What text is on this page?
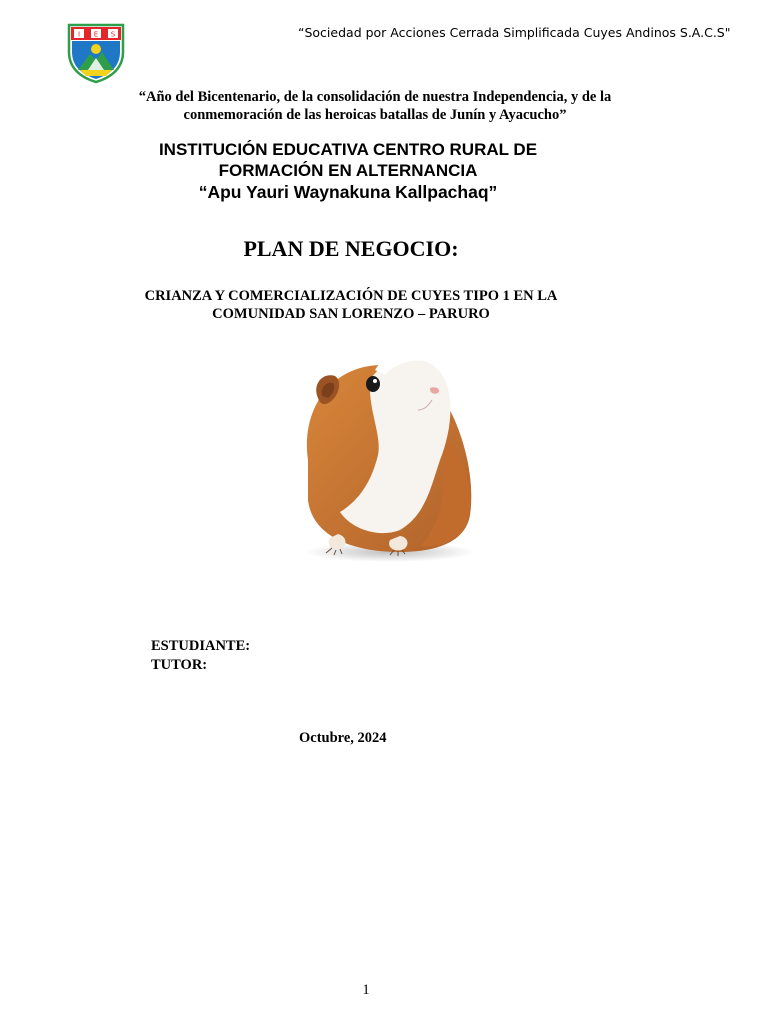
I E S	“Sociedad por Acciones Cerrada Simplificada Cuyes Andinos S.A.C.S"
“Año del Bicentenario, de la consolidación de nuestra Independencia, y de la
conmemoración de las heroicas batallas de Junín y Ayacucho”
INSTITUCIÓN EDUCATIVA CENTRO RURAL DE
FORMACIÓN EN ALTERNANCIA
“Apu Yauri Waynakuna Kallpachaq”
PLAN DE NEGOCIO:
CRIANZA Y COMERCIALIZACIÓN DE CUYES TIPO 1 EN LA
COMUNIDAD SAN LORENZO – PARURO
ESTUDIANTE:
TUTOR:
Octubre, 2024
1
